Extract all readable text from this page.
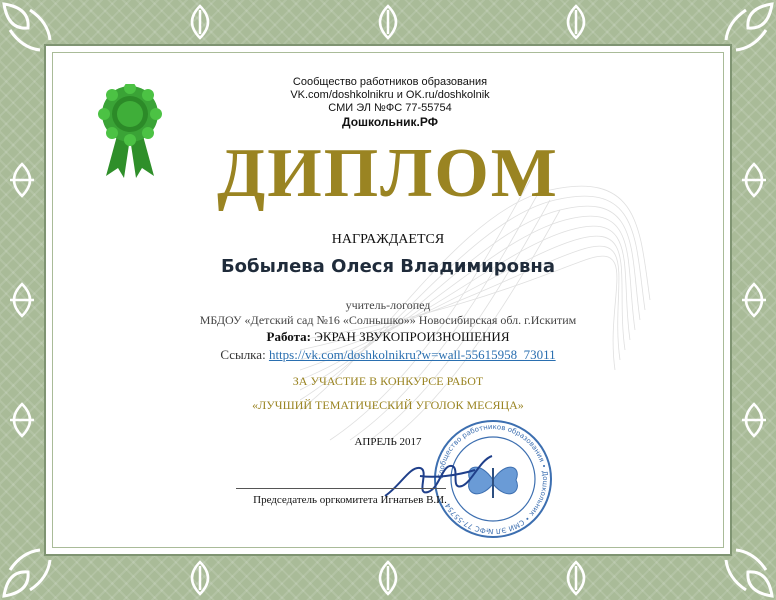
Сообщество работников образования
VK.com/doshkolnikru и OK.ru/doshkolnik
СМИ ЭЛ №ФС 77-55754
Дошкольник.РФ
ДИПЛОМ
НАГРАЖДАЕТСЯ
Бобылева Олеся Владимировна
учитель-логопед
МБДОУ «Детский сад №16 «Солнышко»» Новосибирская обл. г.Искитим
Работа: ЭКРАН ЗВУКОПРОИЗНОШЕНИЯ
Ссылка: https://vk.com/doshkolnikru?w=wall-55615958_73011
ЗА УЧАСТИЕ В КОНКУРСЕ РАБОТ
«ЛУЧШИЙ ТЕМАТИЧЕСКИЙ УГОЛОК МЕСЯЦА»
АПРЕЛЬ 2017
Сообщество работников образования • Дошкольник • СМИ ЭЛ №ФС 77-55754
Председатель оргкомитета Игнатьев В.И.
